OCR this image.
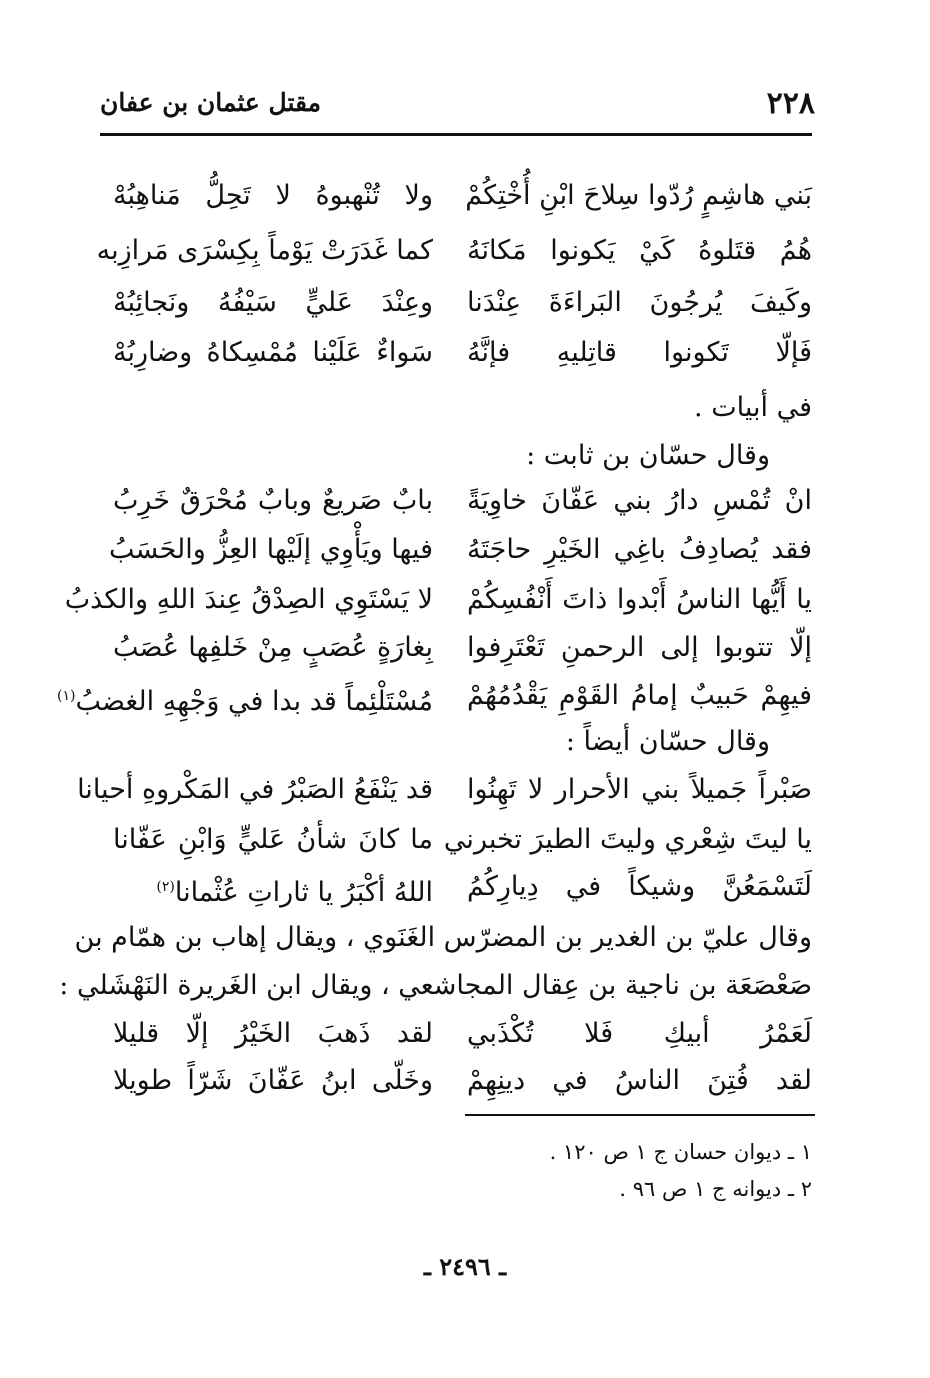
٢٢٨
مقتل عثمان بن عفان
بَني هاشِمٍ رُدّوا سِلاحَ ابْنِ أُخْتِكُمْ
ولا تُنْهبوهُ لا تَحِلُّ مَناهِبُهْ
هُمُ قتَلوهُ كَيْ يَكونوا مَكانَهُ
كما غَدَرَتْ يَوْماً بِكِسْرَى مَرازِبه
وكَيفَ يُرجُونَ البَراءَةَ عِنْدَنا
وعِنْدَ عَليٍّ سَيْفُهُ ونَجائِبُهْ
فَإلّا تَكونوا قاتِليهِ فإنَّهُ
سَواءٌ عَلَيْنا مُمْسِكاهُ وضارِبُهْ
في أبيات .
وقال حسّان بن ثابت :
انْ تُمْسِ دارُ بني عَفّانَ خاوِيَةً
بابٌ صَريعٌ وبابٌ مُحْرَقٌ خَرِبُ
فقد يُصادِفُ باغِي الخَيْرِ حاجَتَهُ
فيها ويَأْوِي إلَيْها العِزُّ والحَسَبُ
يا أَيُّها الناسُ أَبْدوا ذاتَ أَنْفُسِكُمْ
لا يَسْتَوِي الصِدْقُ عِندَ اللهِ والكذبُ
إلّا تتوبوا إلى الرحمنِ تَعْتَرِفوا
بِغارَةٍ عُصَبٍ مِنْ خَلفِها عُصَبُ
فيهِمْ حَبيبٌ إمامُ القَوْمِ يَقْدُمُهُمْ
مُسْتَلْئِماً قد بدا في وَجْهِهِ الغضبُ$^{(١)}$
وقال حسّان أيضاً :
صَبْراً جَميلاً بني الأحرار لا تَهِنُوا
قد يَنْفَعُ الصَبْرُ في المَكْروهِ أحيانا
يا ليتَ شِعْري وليتَ الطيرَ تخبرني
ما كانَ شأنُ عَليٍّ وَابْنِ عَفّانا
لَتَسْمَعُنَّ وشيكاً في دِيارِكُمُ
اللهُ أكْبَرُ يا ثاراتِ عُثْمانا$^{(٢)}$
وقال عليّ بن الغدير بن المضرّس الغَنَوي ، ويقال إهاب بن همّام بن
صَعْصَعَة بن ناجية بن عِقال المجاشعي ، ويقال ابن الغَريرة النَهْشَلي :
لَعَمْرُ أبيكِ فَلا تُكْذَبي
لقد ذَهبَ الخَيْرُ إلّا قليلا
لقد فُتِنَ الناسُ في دينِهِمْ
وخَلّى ابنُ عَفّانَ شَرّاً طويلا
١ ـ ديوان حسان ج ١ ص ١٢٠ .
٢ ـ ديوانه ج ١ ص ٩٦ .
ـ ٢٤٩٦ ـ
